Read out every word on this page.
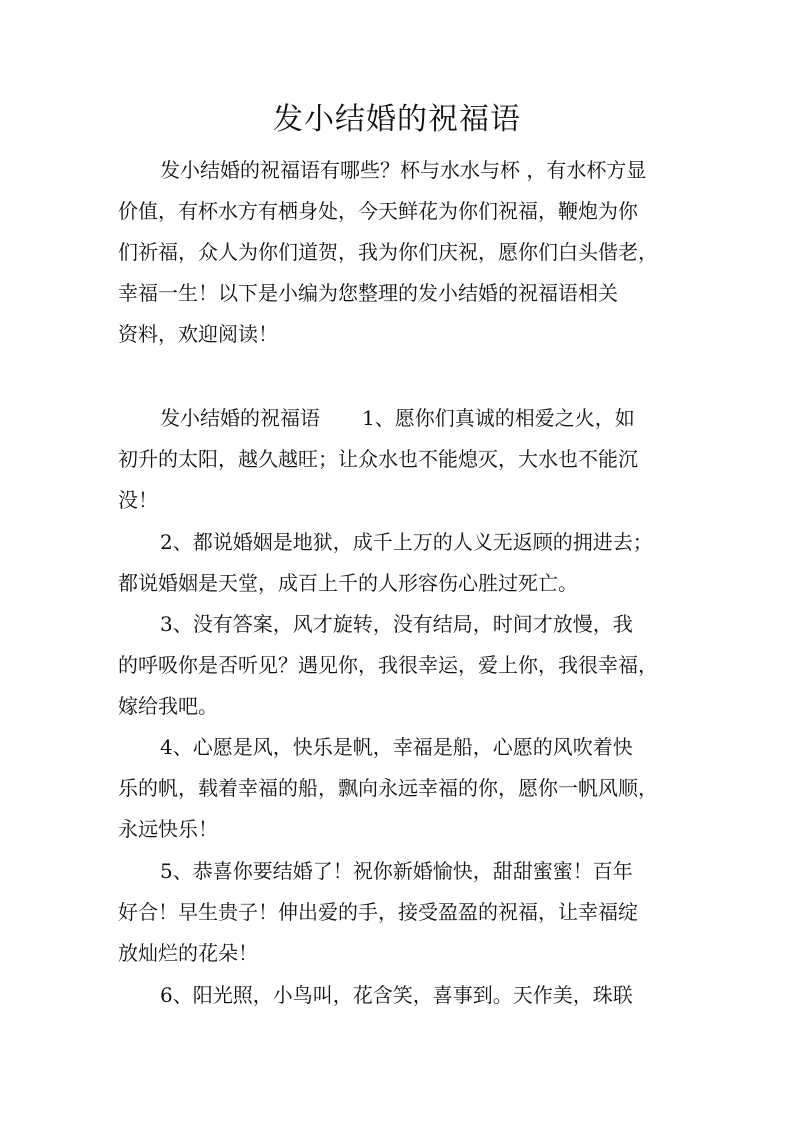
发小结婚的祝福语
发小结婚的祝福语有哪些？杯与水水与杯 ，有水杯方显
价值，有杯水方有栖身处，今天鲜花为你们祝福，鞭炮为你
们祈福，众人为你们道贺，我为你们庆祝，愿你们白头偕老，
幸福一生！以下是小编为您整理的发小结婚的祝福语相关
资料，欢迎阅读！
发小结婚的祝福语 1、愿你们真诚的相爱之火，如
初升的太阳，越久越旺；让众水也不能熄灭，大水也不能沉
没！
2、都说婚姻是地狱，成千上万的人义无返顾的拥进去；
都说婚姻是天堂，成百上千的人形容伤心胜过死亡。
3、没有答案，风才旋转，没有结局，时间才放慢，我
的呼吸你是否听见？遇见你，我很幸运，爱上你，我很幸福，
嫁给我吧。
4、心愿是风，快乐是帆，幸福是船，心愿的风吹着快
乐的帆，载着幸福的船，飘向永远幸福的你，愿你一帆风顺，
永远快乐！
5、恭喜你要结婚了！祝你新婚愉快，甜甜蜜蜜！百年
好合！早生贵子！伸出爱的手，接受盈盈的祝福，让幸福绽
放灿烂的花朵！
6、阳光照，小鸟叫，花含笑，喜事到。天作美，珠联
